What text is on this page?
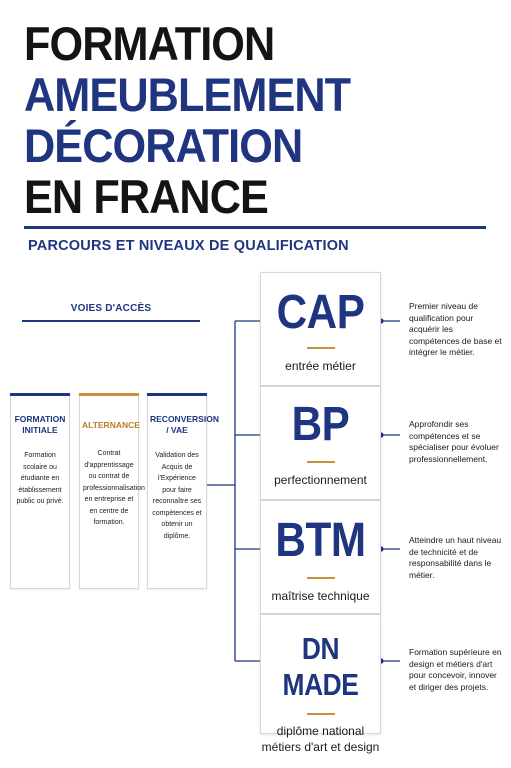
FORMATION
AMEUBLEMENT
DÉCORATION
EN FRANCE
PARCOURS ET NIVEAUX DE QUALIFICATION
VOIES D'ACCÈS
FORMATION INITIALE
Formation scolaire ou étudiante en établissement public ou privé.
ALTERNANCE
Contrat d'apprentissage ou contrat de professionnalisation en entreprise et en centre de formation.
RECONVERSION / VAE
Validation des Acquis de l'Expérience pour faire reconnaître ses compétences et obtenir un diplôme.
CAP
entrée métier
BP
perfectionnement
BTM
maîtrise technique
DN MADE
diplôme national métiers d'art et design
Premier niveau de qualification pour acquérir les compétences de base et intégrer le métier.
Approfondir ses compétences et se spécialiser pour évoluer professionnellement.
Atteindre un haut niveau de technicité et de responsabilité dans le métier.
Formation supérieure en design et métiers d'art pour concevoir, innover et diriger des projets.
